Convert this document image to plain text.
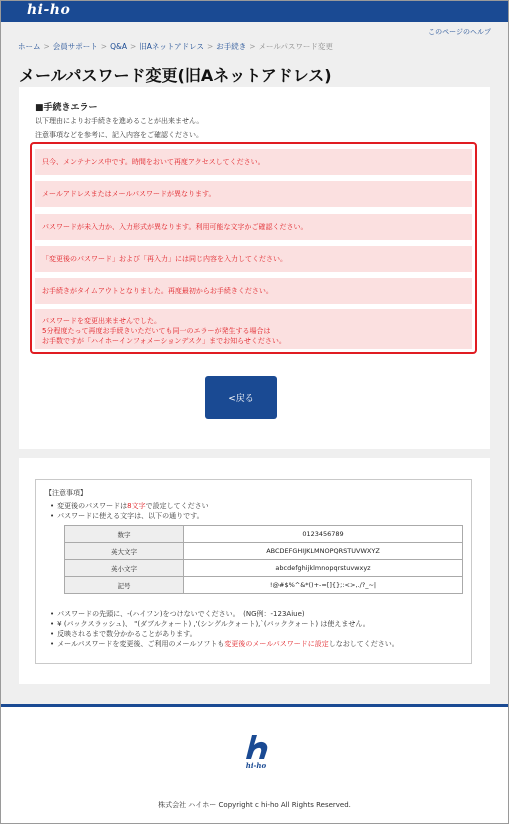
hi-ho
このページのヘルプ
ホーム > 会員サポート > Q&A > 旧Aネットアドレス > お手続き > メールパスワード変更
メールパスワード変更(旧Aネットアドレス)
■手続きエラー
以下理由によりお手続きを進めることが出来ません。
注意事項などを参考に、記入内容をご確認ください。
只今、メンテナンス中です。時間をおいて再度アクセスしてください。
メールアドレスまたはメールパスワードが異なります。
パスワードが未入力か、入力形式が異なります。利用可能な文字かご確認ください。
「変更後のパスワード」および「再入力」には同じ内容を入力してください。
お手続きがタイムアウトとなりました。再度最初からお手続きください。
パスワードを変更出来ませんでした。
5分程度たって再度お手続きいただいても同一のエラーが発生する場合は
お手数ですが「ハイホーインフォメーションデスク」までお知らせください。
<戻る
【注意事項】
• 変更後のパスワードは8文字で設定してください
• パスワードに使える文字は、以下の通りです。
数字	0123456789
英大文字	ABCDEFGHIJKLMNOPQRSTUVWXYZ
英小文字	abcdefghijklmnopqrstuvwxyz
記号	!@#$%^&*()+-=[]{};:<>,./?_~|
• パスワードの先頭に、-(ハイフン)をつけないでください。　(NG例：-123Aiue)
• ¥ (バックスラッシュ)、 "(ダブルクォート) ,'(シングルクォート),`(バッククォート) は使えません。
• 反映されるまで数分かかることがあります。
• メールパスワードを変更後、ご利用のメールソフトも変更後のメールパスワードに設定しなおしてください。
hi-ho
株式会社 ハイホー Copyright c hi-ho All Rights Reserved.
